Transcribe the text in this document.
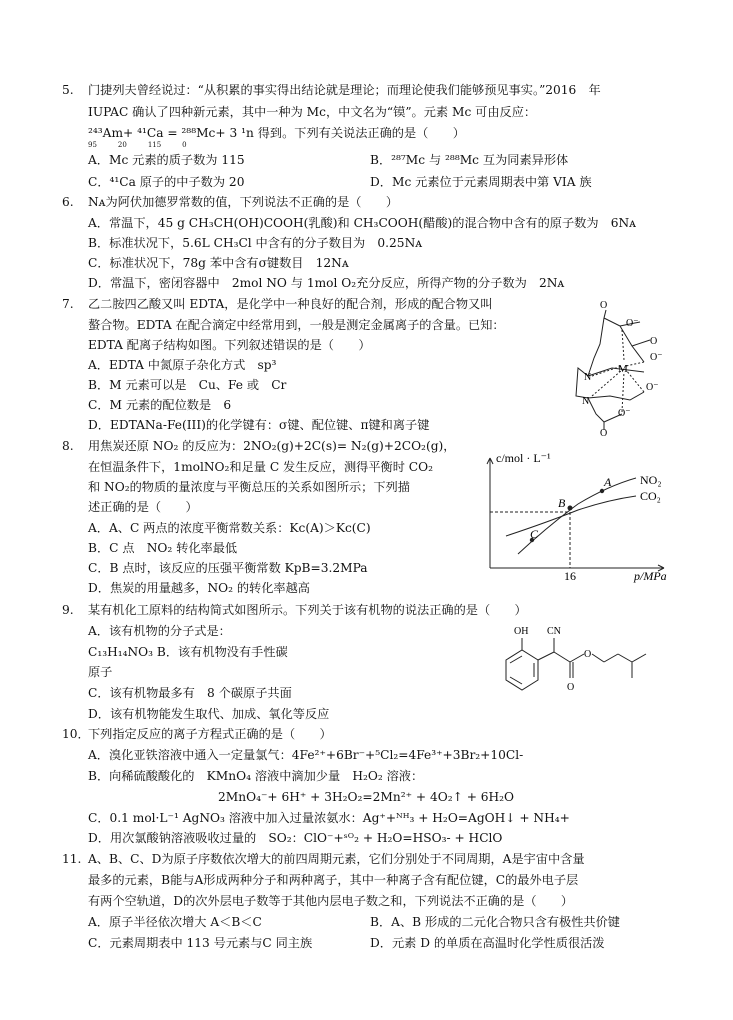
5. 门捷列夫曾经说过：“从积累的事实得出结论就是理论；而理论使我们能够预见事实。”2016　年
IUPAC 确认了四种新元素，其中一种为 Mc，中文名为“镆”。元素 Mc 可由反应：
²⁴³Am+ ⁴¹Ca = ²⁸⁸Mc+ 3 ¹n 得到。下列有关说法正确的是（　　）
95　　　20　　　115　　　0
A．Mc 元素的质子数为 115	B．²⁸⁷Mc 与 ²⁸⁸Mc 互为同素异形体
C．⁴¹Ca 原子的中子数为 20	D．Mc 元素位于元素周期表中第 VIA 族
6. Nᴀ为阿伏加德罗常数的值，下列说法不正确的是（　　）
A．常温下，45 g CH₃CH(OH)COOH(乳酸)和 CH₃COOH(醋酸)的混合物中含有的原子数为　6Nᴀ
B．标准状况下，5.6L CH₃Cl 中含有的分子数目为　0.25Nᴀ
C．标准状况下，78g 苯中含有σ键数目　12Nᴀ
D．常温下，密闭容器中　2mol NO 与 1mol O₂充分反应，所得产物的分子数为　2Nᴀ
7. 乙二胺四乙酸又叫 EDTA，是化学中一种良好的配合剂，形成的配合物又叫
螯合物。EDTA 在配合滴定中经常用到，一般是测定金属离子的含量。已知：
EDTA 配离子结构如图。下列叙述错误的是（　　）
A．EDTA 中氮原子杂化方式　sp³
B．M 元素可以是　Cu、Fe 或　Cr
C．M 元素的配位数是　6
D．EDTANa-Fe(III)的化学键有：σ键、配位键、π键和离子键
O
O⁻
O
O⁻
N
M
N
O⁻
O⁻
O
8. 用焦炭还原 NO₂ 的反应为：2NO₂(g)+2C(s)= N₂(g)+2CO₂(g)，
在恒温条件下，1molNO₂和足量 C 发生反应，测得平衡时 CO₂
和 NO₂的物质的量浓度与平衡总压的关系如图所示；下列描
述正确的是（　　）
A．A、C 两点的浓度平衡常数关系：Kc(A)＞Kc(C)
B．C 点　NO₂ 转化率最低
C．B 点时，该反应的压强平衡常数 KpB=3.2MPa
D．焦炭的用量越多，NO₂ 的转化率越高
c/mol · L⁻¹
p/MPa
16
NO₂
CO₂
A
B
C
9. 某有机化工原料的结构简式如图所示。下列关于该有机物的说法正确的是（　　）
A．该有机物的分子式是：
C₁₃H₁₄NO₃ B．该有机物没有手性碳
原子
C．该有机物最多有　8 个碳原子共面
D．该有机物能发生取代、加成、氧化等反应
OH CN
O
O
10．
下列指定反应的离子方程式正确的是（　　）
A．溴化亚铁溶液中通入一定量氯气：4Fe²⁺+6Br⁻+⁵Cl₂=4Fe³⁺+3Br₂+10Cl-
B．向稀硫酸酸化的　KMnO₄ 溶液中滴加少量　H₂O₂ 溶液：
2MnO₄⁻+ 6H⁺ + 3H₂O₂=2Mn²⁺ + 4O₂↑ + 6H₂O
C．0.1 mol·L⁻¹ AgNO₃ 溶液中加入过量浓氨水：Ag⁺+ᴺᴴ₃ + H₂O=AgOH↓ + NH₄+
D．用次氯酸钠溶液吸收过量的　SO₂：ClO⁻+ˢᴼ₂ + H₂O=HSO₃- + HClO
11. A、B、C、D为原子序数依次增大的前四周期元素，它们分别处于不同周期，A是宇宙中含量
最多的元素，B能与A形成两种分子和两种离子，其中一种离子含有配位键，C的最外电子层
有两个空轨道，D的次外层电子数等于其他内层电子数之和，下列说法不正确的是（　　）
A．原子半径依次增大 A＜B＜C	B．A、B 形成的二元化合物只含有极性共价键
C．元素周期表中 113 号元素与C 同主族	D．元素 D 的单质在高温时化学性质很活泼
